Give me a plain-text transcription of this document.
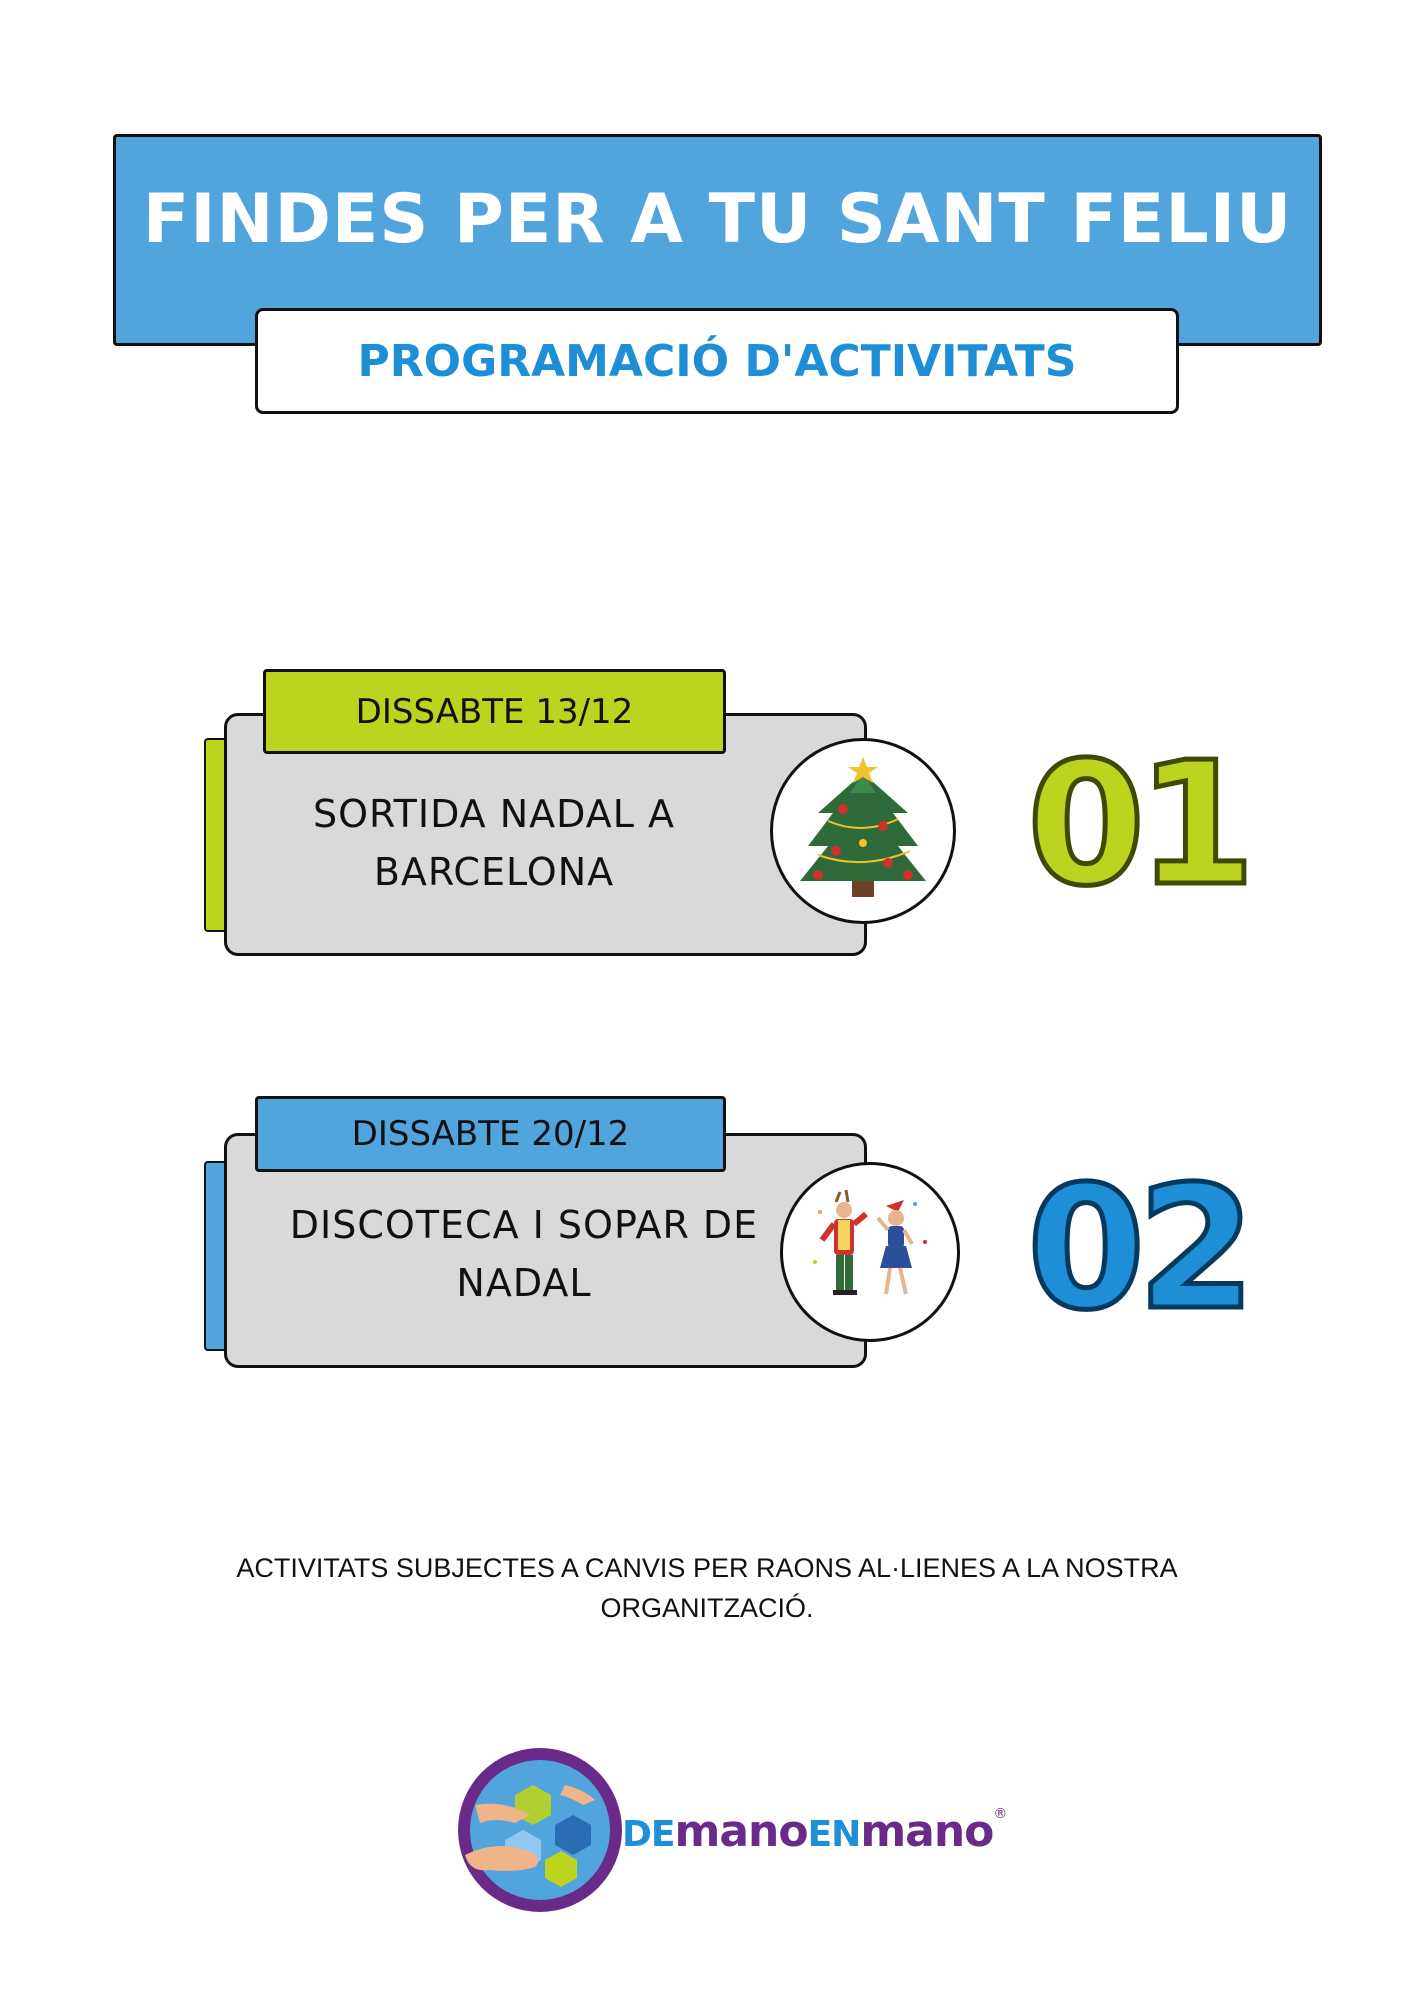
FINDES PER A TU SANT FELIU
PROGRAMACIÓ D'ACTIVITATS
DISSABTE 13/12
SORTIDA NADAL A
BARCELONA	01
DISSABTE 20/12
DISCOTECA I SOPAR DE
NADAL	02
ACTIVITATS SUBJECTES A CANVIS PER RAONS AL·LIENES A LA NOSTRA
ORGANITZACIÓ.
DEmanoENmano®
